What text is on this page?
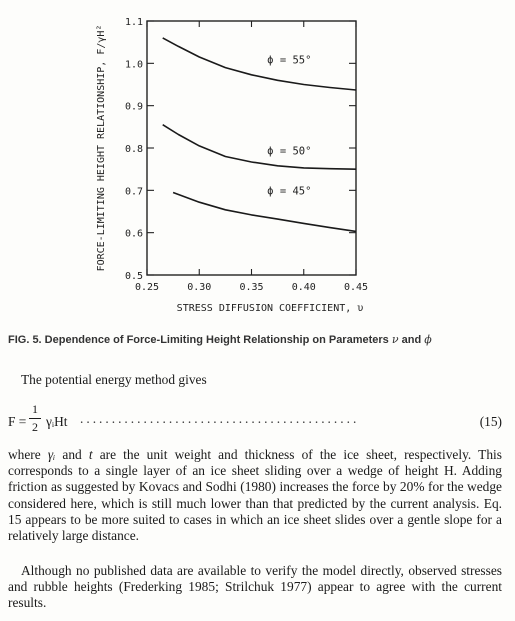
0.25	0.30	0.35	0.40	0.45
0.5
0.6
0.7
0.8
0.9
1.0
1.1
ϕ = 55°
ϕ = 50°
ϕ = 45°
FORCE-LIMITING HEIGHT RELATIONSHIP, F/γH²
STRESS DIFFUSION COEFFICIENT, υ
FIG. 5. Dependence of Force-Limiting Height Relationship on Parameters ν and ϕ

The potential energy method gives

F =
1
2 γᵢHt ............................................	(15)

where γᵢ and t are the unit weight and thickness of the ice sheet, respectively. This corresponds to a single layer of an ice sheet sliding over a wedge of height H. Adding friction as suggested by Kovacs and Sodhi (1980) increases the force by 20% for the wedge considered here, which is still much lower than that predicted by the current analysis. Eq. 15 appears to be more suited to cases in which an ice sheet slides over a gentle slope for a relatively large distance.

Although no published data are available to verify the model directly, observed stresses and rubble heights (Frederking 1985; Strilchuk 1977) appear to agree with the current results.
